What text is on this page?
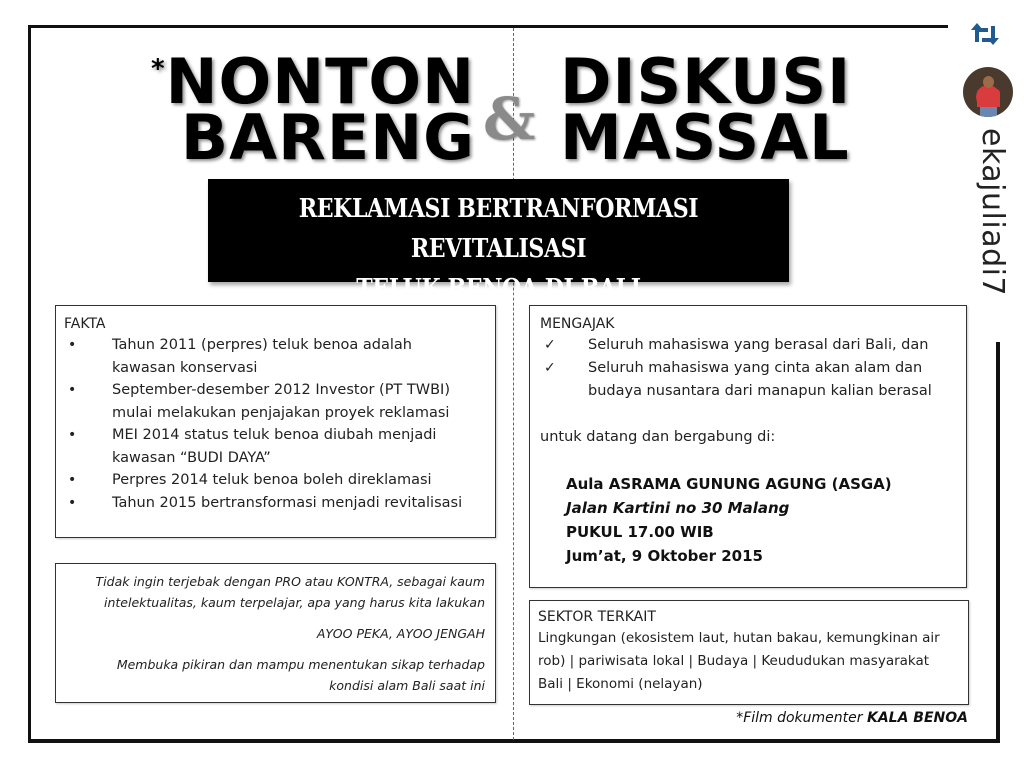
*NONTON
BARENG &
DISKUSI
MASSAL
REKLAMASI BERTRANFORMASI REVITALISASI
TELUK BENOA DI BALI
FAKTA
• Tahun 2011 (perpres) teluk benoa adalah
kawasan konservasi
• September-desember 2012 Investor (PT TWBI)
mulai melakukan penjajakan proyek reklamasi
• MEI 2014 status teluk benoa diubah menjadi
kawasan “BUDI DAYA”
• Perpres 2014 teluk benoa boleh direklamasi
• Tahun 2015 bertransformasi menjadi revitalisasi
MENGAJAK
✓ Seluruh mahasiswa yang berasal dari Bali, dan
✓ Seluruh mahasiswa yang cinta akan alam dan
budaya nusantara dari manapun kalian berasal
untuk datang dan bergabung di:
Aula ASRAMA GUNUNG AGUNG (ASGA)
Jalan Kartini no 30 Malang
PUKUL 17.00 WIB
Jum’at, 9 Oktober 2015
Tidak ingin terjebak dengan PRO atau KONTRA, sebagai kaum
intelektualitas, kaum terpelajar, apa yang harus kita lakukan
AYOO PEKA, AYOO JENGAH
Membuka pikiran dan mampu menentukan sikap terhadap
kondisi alam Bali saat ini
SEKTOR TERKAIT
Lingkungan (ekosistem laut, hutan bakau, kemungkinan air
rob) | pariwisata lokal | Budaya | Keududukan masyarakat
Bali | Ekonomi (nelayan)
*Film dokumenter KALA BENOA
ekajuliadi7
